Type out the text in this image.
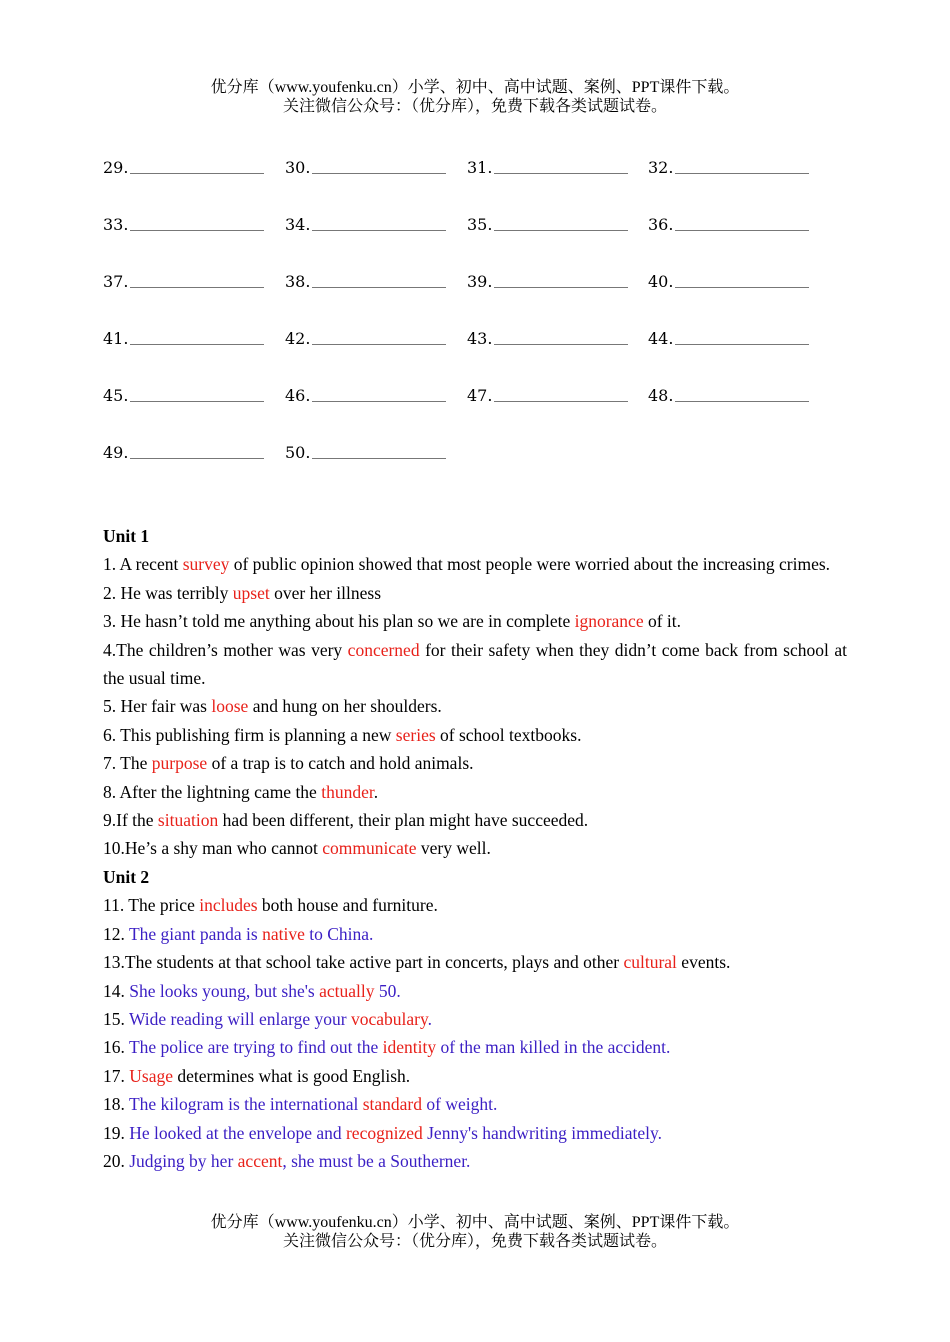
优分库（www.youfenku.cn）小学、初中、高中试题、案例、PPT课件下载。
关注微信公众号：（优分库），免费下载各类试题试卷。
29.	30.	31.	32.
33.	34.	35.	36.
37.	38.	39.	40.
41.	42.	43.	44.
45.	46.	47.	48.
49.	50.

Unit 1

1. A recent survey of public opinion showed that most people were worried about the increasing crimes.

2. He was terribly upset over her illness

3. He hasn’t told me anything about his plan so we are in complete ignorance of it.

4.The children’s mother was very concerned for their safety when they didn’t come back from school at the usual time.

5. Her fair was loose and hung on her shoulders.

6. This publishing firm is planning a new series of school textbooks.

7. The purpose of a trap is to catch and hold animals.

8. After the lightning came the thunder.

9.If the situation had been different, their plan might have succeeded.

10.He’s a shy man who cannot communicate very well.

Unit 2

11. The price includes both house and furniture.

12. The giant panda is native to China.

13.The students at that school take active part in concerts, plays and other cultural events.

14. She looks young, but she's actually 50.

15. Wide reading will enlarge your vocabulary.

16. The police are trying to find out the identity of the man killed in the accident.

17. Usage determines what is good English.

18. The kilogram is the international standard of weight.

19. He looked at the envelope and recognized Jenny's handwriting immediately.

20. Judging by her accent, she must be a Southerner.

优分库（www.youfenku.cn）小学、初中、高中试题、案例、PPT课件下载。
关注微信公众号：（优分库），免费下载各类试题试卷。
